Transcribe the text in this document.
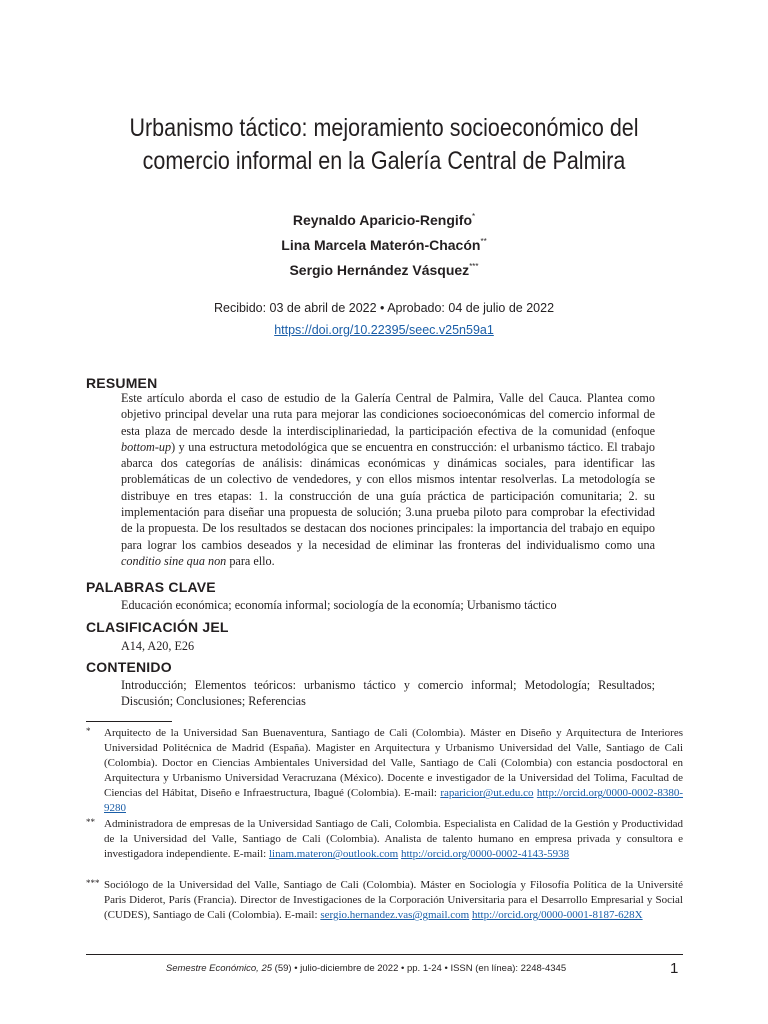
Urbanismo táctico: mejoramiento socioeconómico del
comercio informal en la Galería Central de Palmira
Reynaldo Aparicio-Rengifo*
Lina Marcela Materón-Chacón**
Sergio Hernández Vásquez***
Recibido: 03 de abril de 2022 • Aprobado: 04 de julio de 2022
https://doi.org/10.22395/seec.v25n59a1
RESUMEN
Este artículo aborda el caso de estudio de la Galería Central de Palmira, Valle del Cauca. Plantea como objetivo principal develar una ruta para mejorar las condiciones socioeconómicas del comercio informal de esta plaza de mercado desde la interdisciplinariedad, la participación efectiva de la comunidad (enfoque bottom-up) y una estructura metodológica que se encuentra en construcción: el urbanismo táctico. El trabajo abarca dos categorías de análisis: dinámicas económicas y dinámicas sociales, para identificar las problemáticas de un colectivo de vendedores, y con ellos mismos intentar resolverlas. La metodología se distribuye en tres etapas: 1. la construcción de una guía práctica de participación comunitaria; 2. su implementación para diseñar una propuesta de solución; 3.una prueba piloto para comprobar la efectividad de la propuesta. De los resultados se destacan dos nociones principales: la importancia del trabajo en equipo para lograr los cambios deseados y la necesidad de eliminar las fronteras del individualismo como una conditio sine qua non para ello.
PALABRAS CLAVE
Educación económica; economía informal; sociología de la economía; Urbanismo táctico
CLASIFICACIÓN JEL
A14, A20, E26
CONTENIDO
Introducción; Elementos teóricos: urbanismo táctico y comercio informal; Metodología; Resultados; Discusión; Conclusiones; Referencias
* Arquitecto de la Universidad San Buenaventura, Santiago de Cali (Colombia). Máster en Diseño y Arquitectura de Interiores Universidad Politécnica de Madrid (España). Magister en Arquitectura y Urbanismo Universidad del Valle, Santiago de Cali (Colombia). Doctor en Ciencias Ambientales Universidad del Valle, Santiago de Cali (Colombia) con estancia posdoctoral en Arquitectura y Urbanismo Universidad Veracruzana (México). Docente e investigador de la Universidad del Tolima, Facultad de Ciencias del Hábitat, Diseño e Infraestructura, Ibagué (Colombia). E-mail: raparicior@ut.edu.co http://orcid.org/0000-0002-8380-9280
** Administradora de empresas de la Universidad Santiago de Cali, Colombia. Especialista en Calidad de la Gestión y Productividad de la Universidad del Valle, Santiago de Cali (Colombia). Analista de talento humano en empresa privada y consultora e investigadora independiente. E-mail: linam.materon@outlook.com http://orcid.org/0000-0002-4143-5938
*** Sociólogo de la Universidad del Valle, Santiago de Cali (Colombia). Máster en Sociología y Filosofía Política de la Université Paris Diderot, París (Francia). Director de Investigaciones de la Corporación Universitaria para el Desarrollo Empresarial y Social (CUDES), Santiago de Cali (Colombia). E-mail: sergio.hernandez.vas@gmail.com http://orcid.org/0000-0001-8187-628X
Semestre Económico, 25 (59) • julio-diciembre de 2022 • pp. 1-24 • ISSN (en línea): 2248-4345	1
